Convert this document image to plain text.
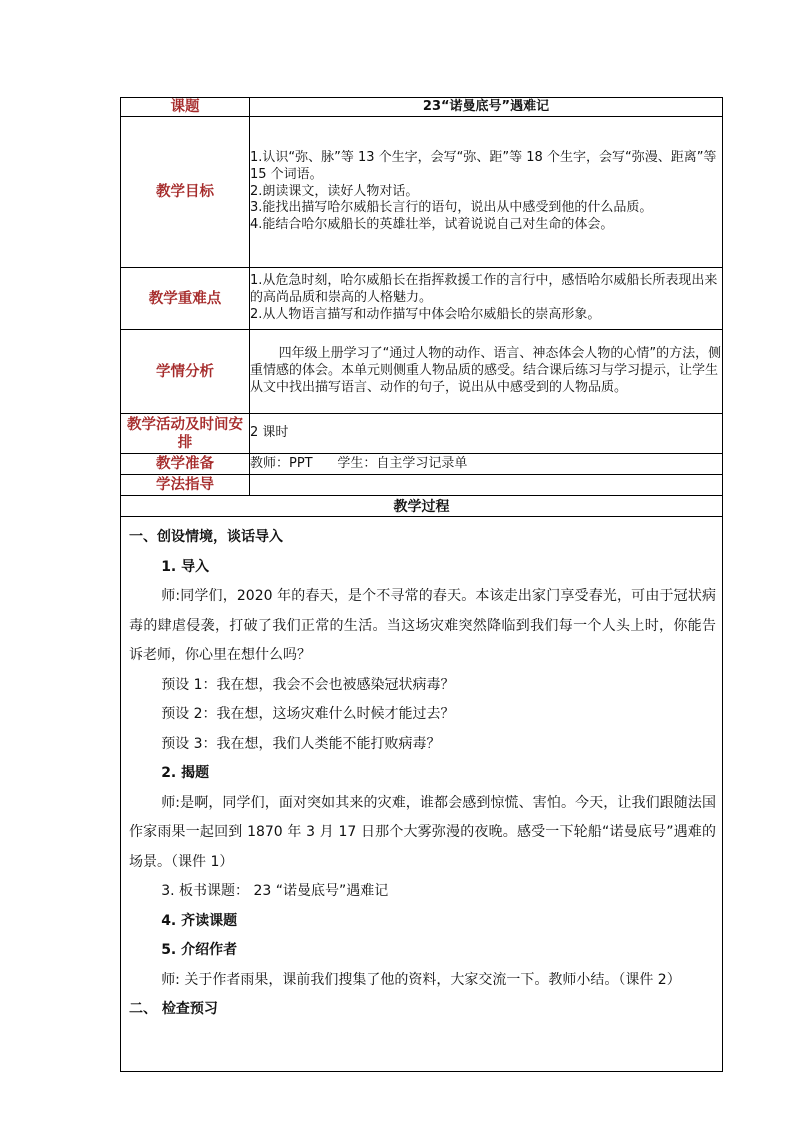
课题	23“诺曼底号”遇难记
教学目标	1.认识“弥、脉”等 13 个生字，会写“弥、距”等 18 个生字，会写“弥漫、距离”等 15 个词语。

2.朗读课文，读好人物对话。

3.能找出描写哈尔威船长言行的语句，说出从中感受到他的什么品质。

4.能结合哈尔威船长的英雄壮举，试着说说自己对生命的体会。

教学重难点	1.从危急时刻，哈尔威船长在指挥救援工作的言行中，感悟哈尔威船长所表现出来的高尚品质和崇高的人格魅力。

2.从人物语言描写和动作描写中体会哈尔威船长的崇高形象。

学情分析	四年级上册学习了“通过人物的动作、语言、神态体会人物的心情”的方法，侧重情感的体会。本单元则侧重人物品质的感受。结合课后练习与学习提示，让学生从文中找出描写语言、动作的句子，说出从中感受到的人物品质。

教学活动及时间安排	2 课时
教学准备	教师：PPT      学生：自主学习记录单
学法指导	
教学过程	

一、创设情境，谈话导入

1. 导入

师:同学们，2020 年的春天，是个不寻常的春天。本该走出家门享受春光，可由于冠状病毒的肆虐侵袭，打破了我们正常的生活。当这场灾难突然降临到我们每一个人头上时，你能告诉老师，你心里在想什么吗？

预设 1：我在想，我会不会也被感染冠状病毒？

预设 2：我在想，这场灾难什么时候才能过去？

预设 3：我在想，我们人类能不能打败病毒？

2. 揭题

师:是啊，同学们，面对突如其来的灾难，谁都会感到惊慌、害怕。今天，让我们跟随法国作家雨果一起回到 1870 年 3 月 17 日那个大雾弥漫的夜晚。感受一下轮船“诺曼底号”遇难的场景。（课件 1）

3. 板书课题： 23 “诺曼底号”遇难记

4. 齐读课题

5. 介绍作者

师: 关于作者雨果，课前我们搜集了他的资料，大家交流一下。教师小结。（课件 2）

二、 检查预习
